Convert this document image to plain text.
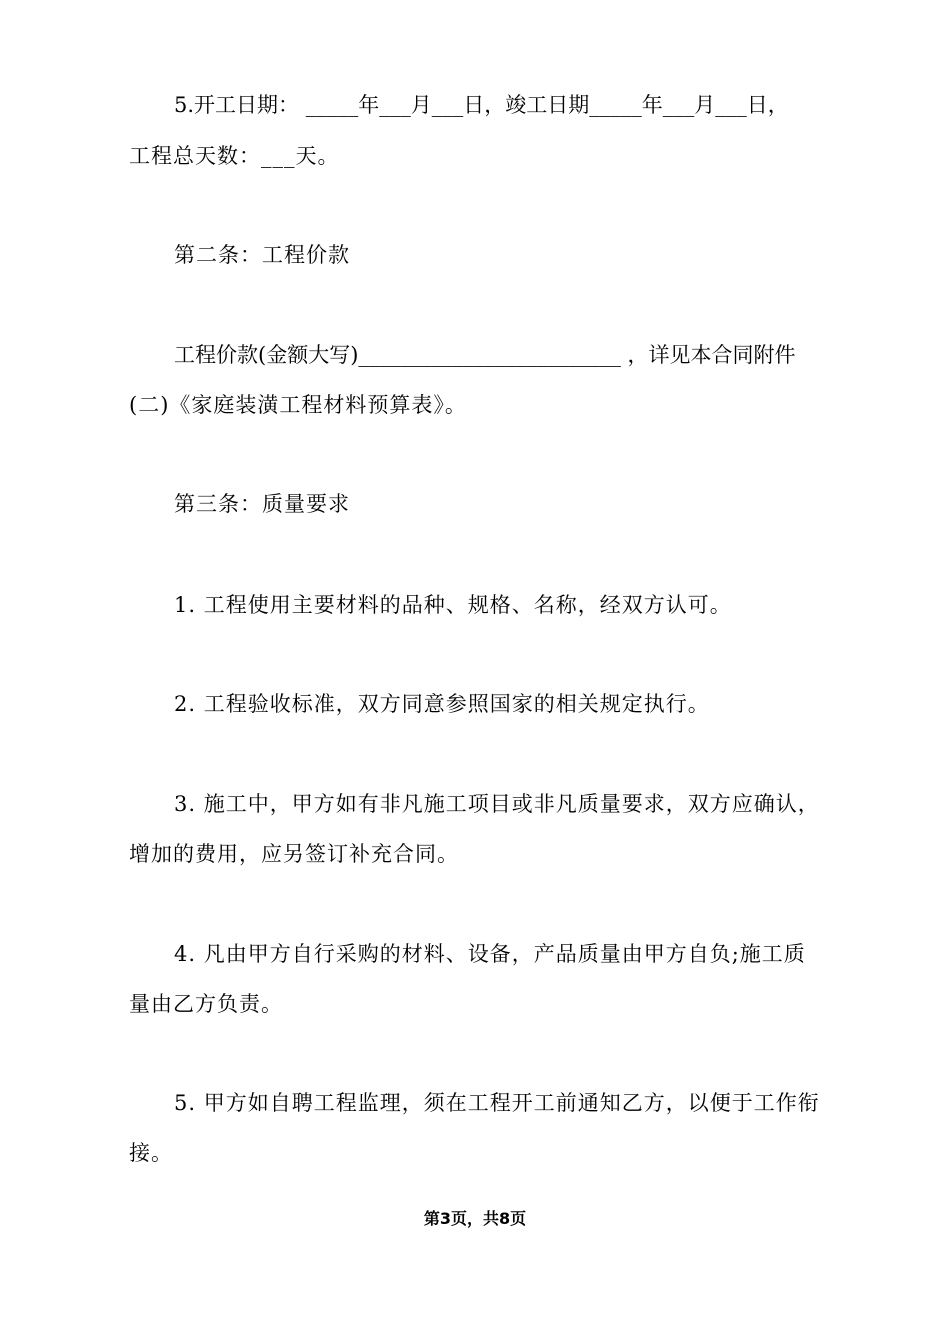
5.开工日期： _____年___月___日，竣工日期_____年___月___日，
工程总天数：___天。
第二条：工程价款
工程价款(金额大写)_________________________ ，详见本合同附件
(二)《家庭装潢工程材料预算表》。
第三条：质量要求
1. 工程使用主要材料的品种、规格、名称，经双方认可。
2. 工程验收标准，双方同意参照国家的相关规定执行。
3. 施工中，甲方如有非凡施工项目或非凡质量要求，双方应确认，
增加的费用，应另签订补充合同。
4. 凡由甲方自行采购的材料、设备，产品质量由甲方自负;施工质
量由乙方负责。
5. 甲方如自聘工程监理，须在工程开工前通知乙方，以便于工作衔
接。
第3页，共8页
